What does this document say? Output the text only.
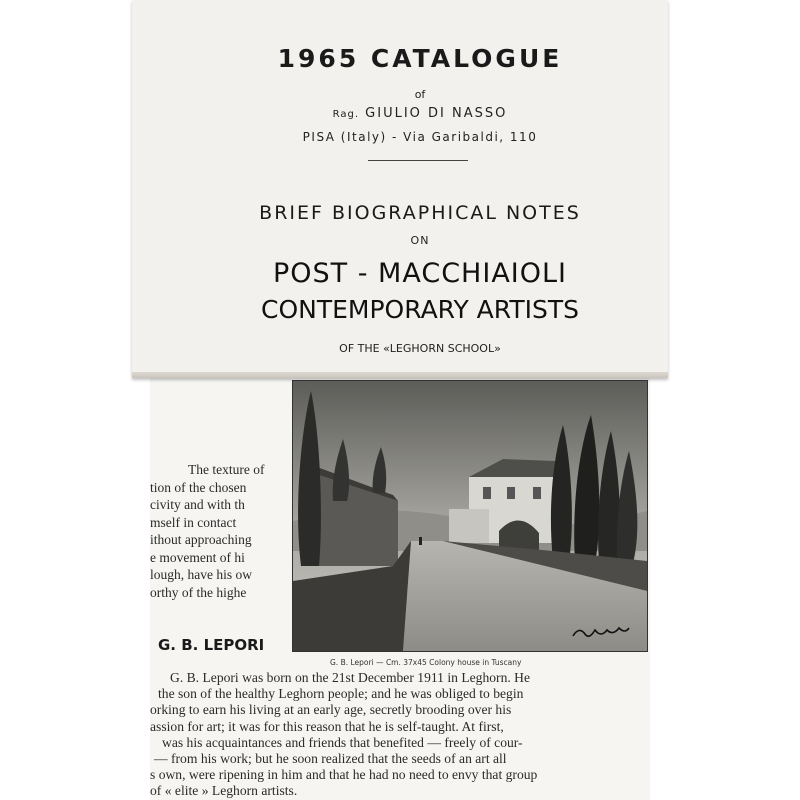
1965 CATALOGUE
of
Rag. GIULIO DI NASSO
PISA (Italy) - Via Garibaldi, 110
BRIEF BIOGRAPHICAL NOTES
ON
POST - MACCHIAIOLI
CONTEMPORARY ARTISTS
OF THE «LEGHORN SCHOOL»
The texture of
tion of the chosen
civity and with th
mself in contact
ithout approaching
e movement of hi
lough, have his ow
orthy of the highe
G. B. Lepori — Cm. 37x45 Colony house in Tuscany
G. B. LEPORI
G. B. Lepori was born on the 21st December 1911 in Leghorn. He
the son of the healthy Leghorn people; and he was obliged to begin
orking to earn his living at an early age, secretly brooding over his
assion for art; it was for this reason that he is self-taught. At first,
was his acquaintances and friends that benefited — freely of cour-
— from his work; but he soon realized that the seeds of an art all
s own, were ripening in him and that he had no need to envy that group
of « elite » Leghorn artists.
